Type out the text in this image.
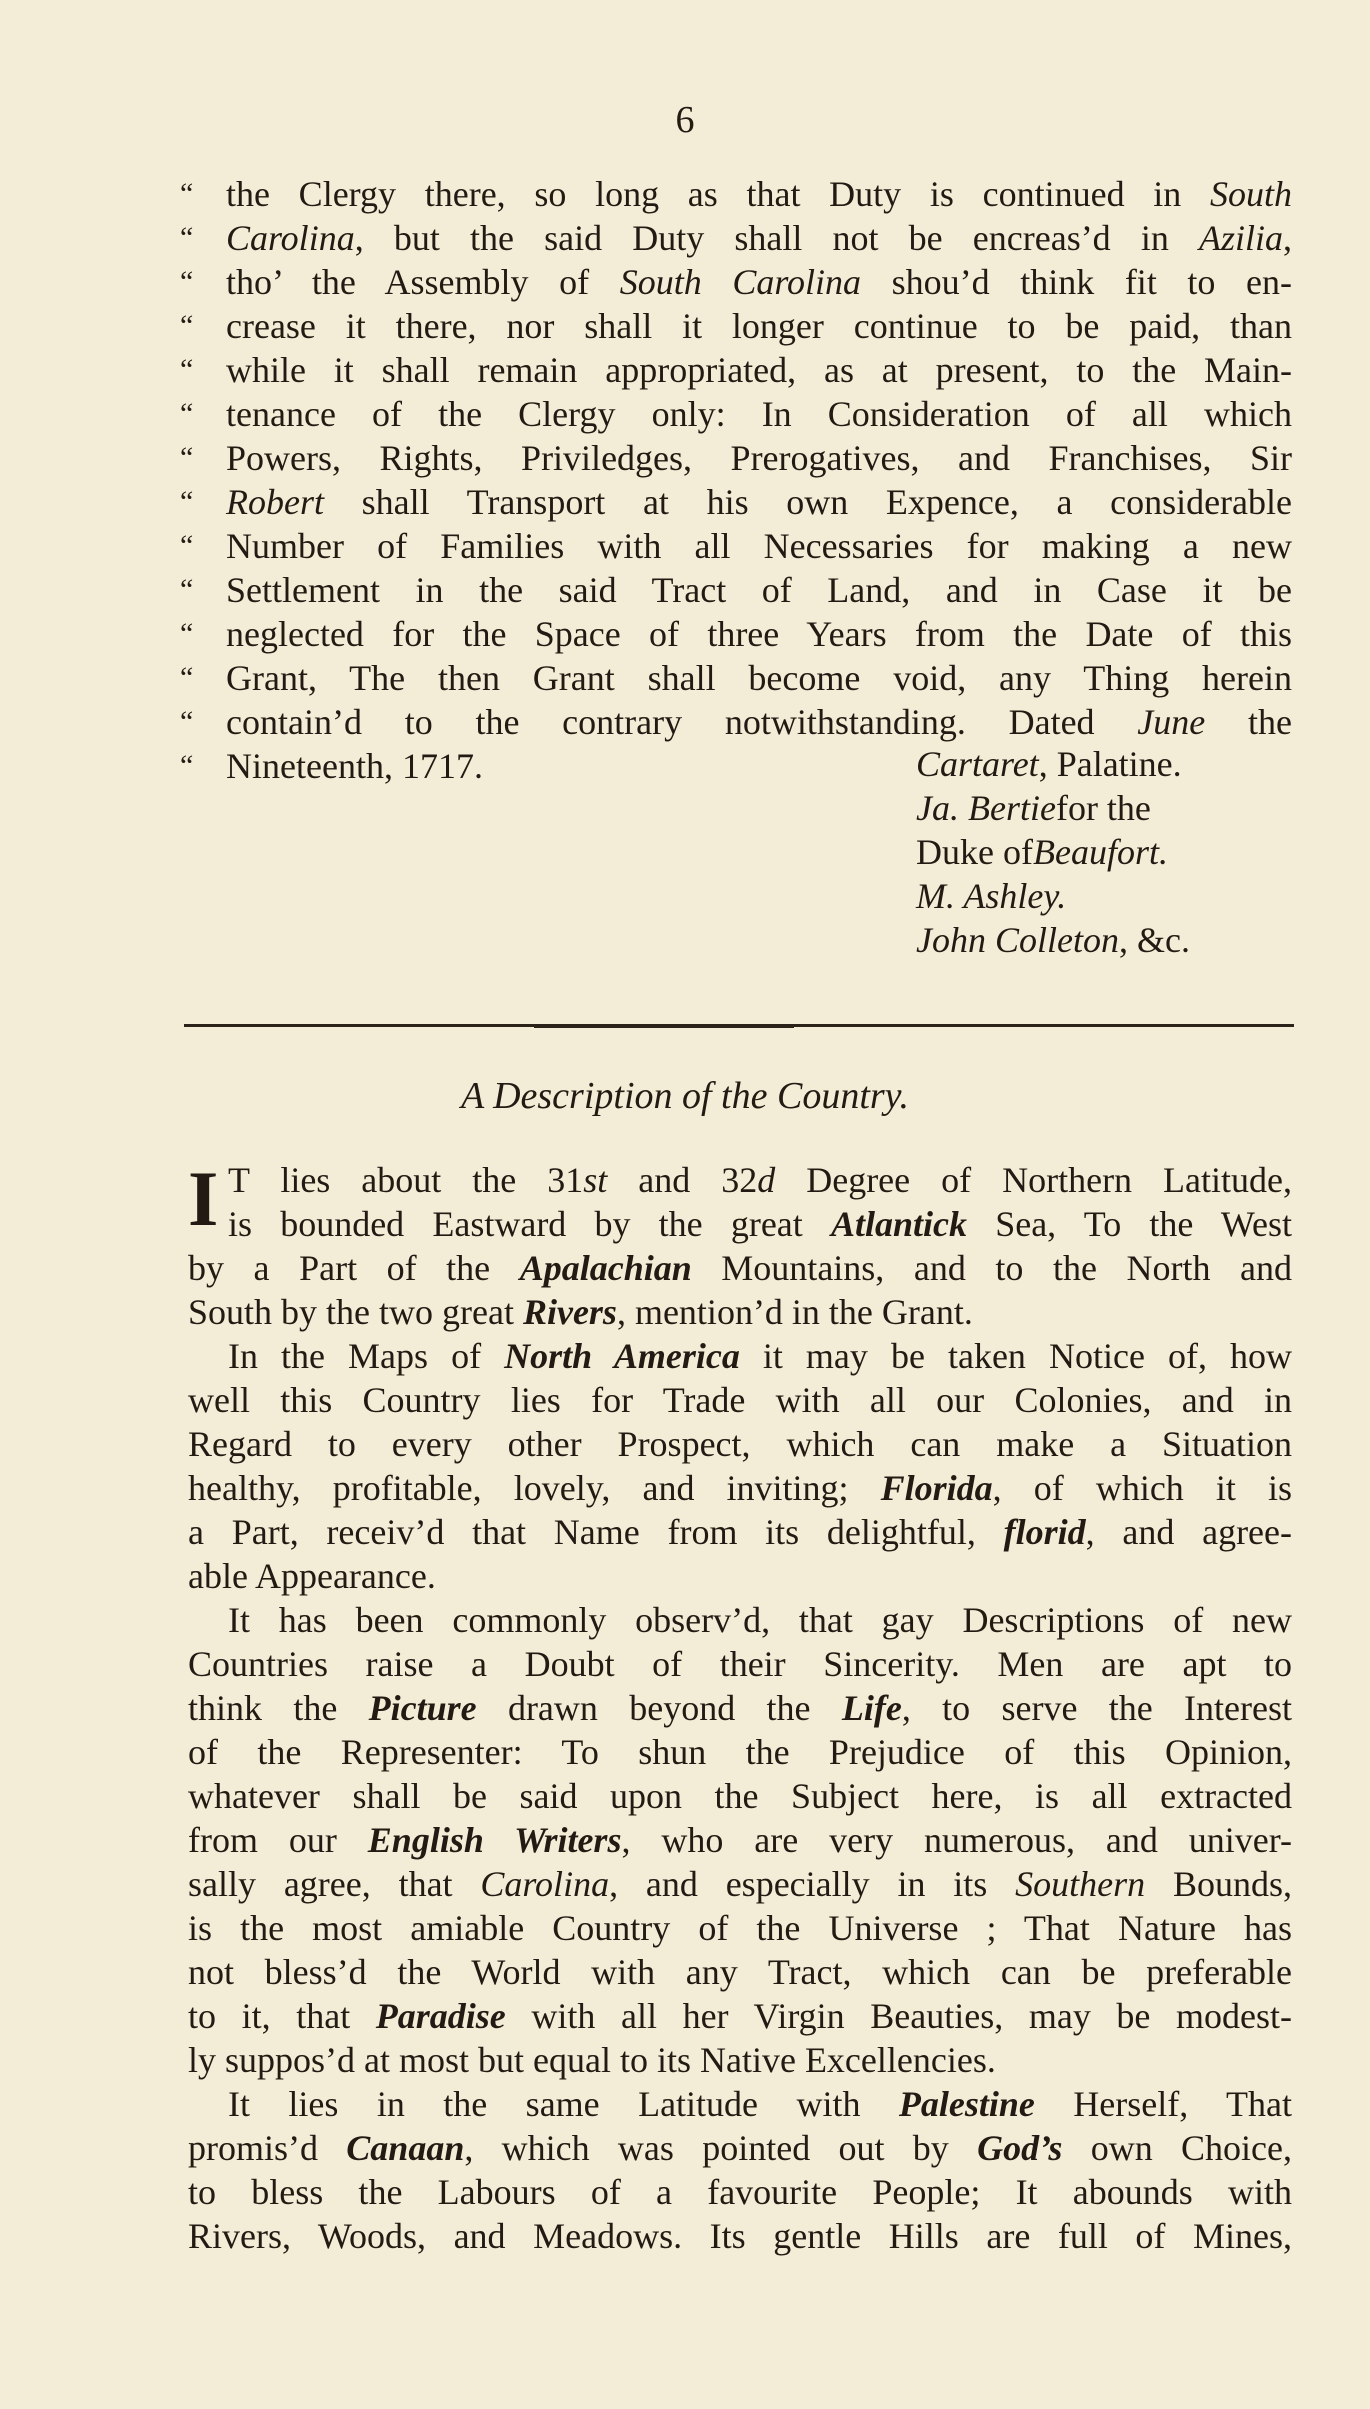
6
“ the Clergy there, so long as that Duty is continued in South
“ Carolina, but the said Duty shall not be encreas’d in Azilia,
“ tho’ the Assembly of South Carolina shou’d think fit to en-
“ crease it there, nor shall it longer continue to be paid, than
“ while it shall remain appropriated, as at present, to the Main-
“ tenance of the Clergy only: In Consideration of all which
“ Powers, Rights, Priviledges, Prerogatives, and Franchises, Sir
“ Robert shall Transport at his own Expence, a considerable
“ Number of Families with all Necessaries for making a new
“ Settlement in the said Tract of Land, and in Case it be
“ neglected for the Space of three Years from the Date of this
“ Grant, The then Grant shall become void, any Thing herein
“ contain’d to the contrary notwithstanding. Dated June the
“ Nineteenth, 1717.	Cartaret , Palatine.
Ja. Bertie for the
Duke of Beaufort.
M. Ashley.
John Colleton , &c.
A Description of the Country.
I T lies about the 31st and 32d Degree of Northern Latitude,
is bounded Eastward by the great Atlantick Sea, To the West
by a Part of the Apalachian Mountains, and to the North and
South by the two great Rivers, mention’d in the Grant.
In the Maps of North America it may be taken Notice of, how
well this Country lies for Trade with all our Colonies, and in
Regard to every other Prospect, which can make a Situation
healthy, profitable, lovely, and inviting; Florida, of which it is
a Part, receiv’d that Name from its delightful, florid, and agree-
able Appearance.
It has been commonly observ’d, that gay Descriptions of new
Countries raise a Doubt of their Sincerity. Men are apt to
think the Picture drawn beyond the Life, to serve the Interest
of the Representer: To shun the Prejudice of this Opinion,
whatever shall be said upon the Subject here, is all extracted
from our English Writers, who are very numerous, and univer-
sally agree, that Carolina, and especially in its Southern Bounds,
is the most amiable Country of the Universe ; That Nature has
not bless’d the World with any Tract, which can be preferable
to it, that Paradise with all her Virgin Beauties, may be modest-
ly suppos’d at most but equal to its Native Excellencies.
It lies in the same Latitude with Palestine Herself, That
promis’d Canaan, which was pointed out by God’s own Choice,
to bless the Labours of a favourite People; It abounds with
Rivers, Woods, and Meadows. Its gentle Hills are full of Mines,
